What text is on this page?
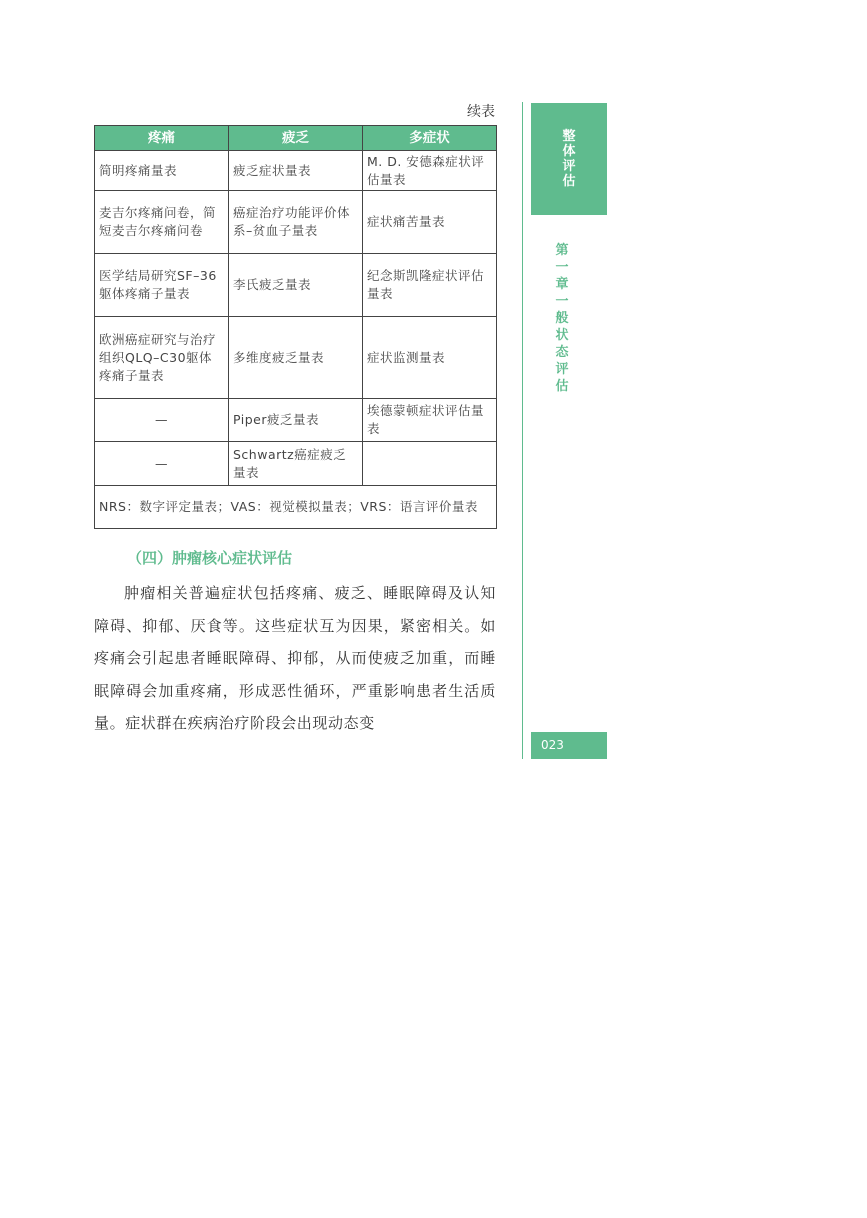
续表
疼痛	疲乏	多症状
简明疼痛量表	疲乏症状量表	M. D. 安德森症状评估量表
麦吉尔疼痛问卷，简短麦吉尔疼痛问卷	癌症治疗功能评价体系–贫血子量表	症状痛苦量表
医学结局研究SF–36躯体疼痛子量表	李氏疲乏量表	纪念斯凯隆症状评估量表
欧洲癌症研究与治疗组织QLQ–C30躯体疼痛子量表	多维度疲乏量表	症状监测量表
—	Piper疲乏量表	埃德蒙顿症状评估量表
—	Schwartz癌症疲乏量表	
NRS：数字评定量表；VAS：视觉模拟量表；VRS：语言评价量表		
（四）肿瘤核心症状评估

肿瘤相关普遍症状包括疼痛、疲乏、睡眠障碍及认知障碍、抑郁、厌食等。这些症状互为因果，紧密相关。如疼痛会引起患者睡眠障碍、抑郁，从而使疲乏加重，而睡眠障碍会加重疼痛，形成恶性循环，严重影响患者生活质量。症状群在疾病治疗阶段会出现动态变

整体评估
第一章 一般状态评估
023
